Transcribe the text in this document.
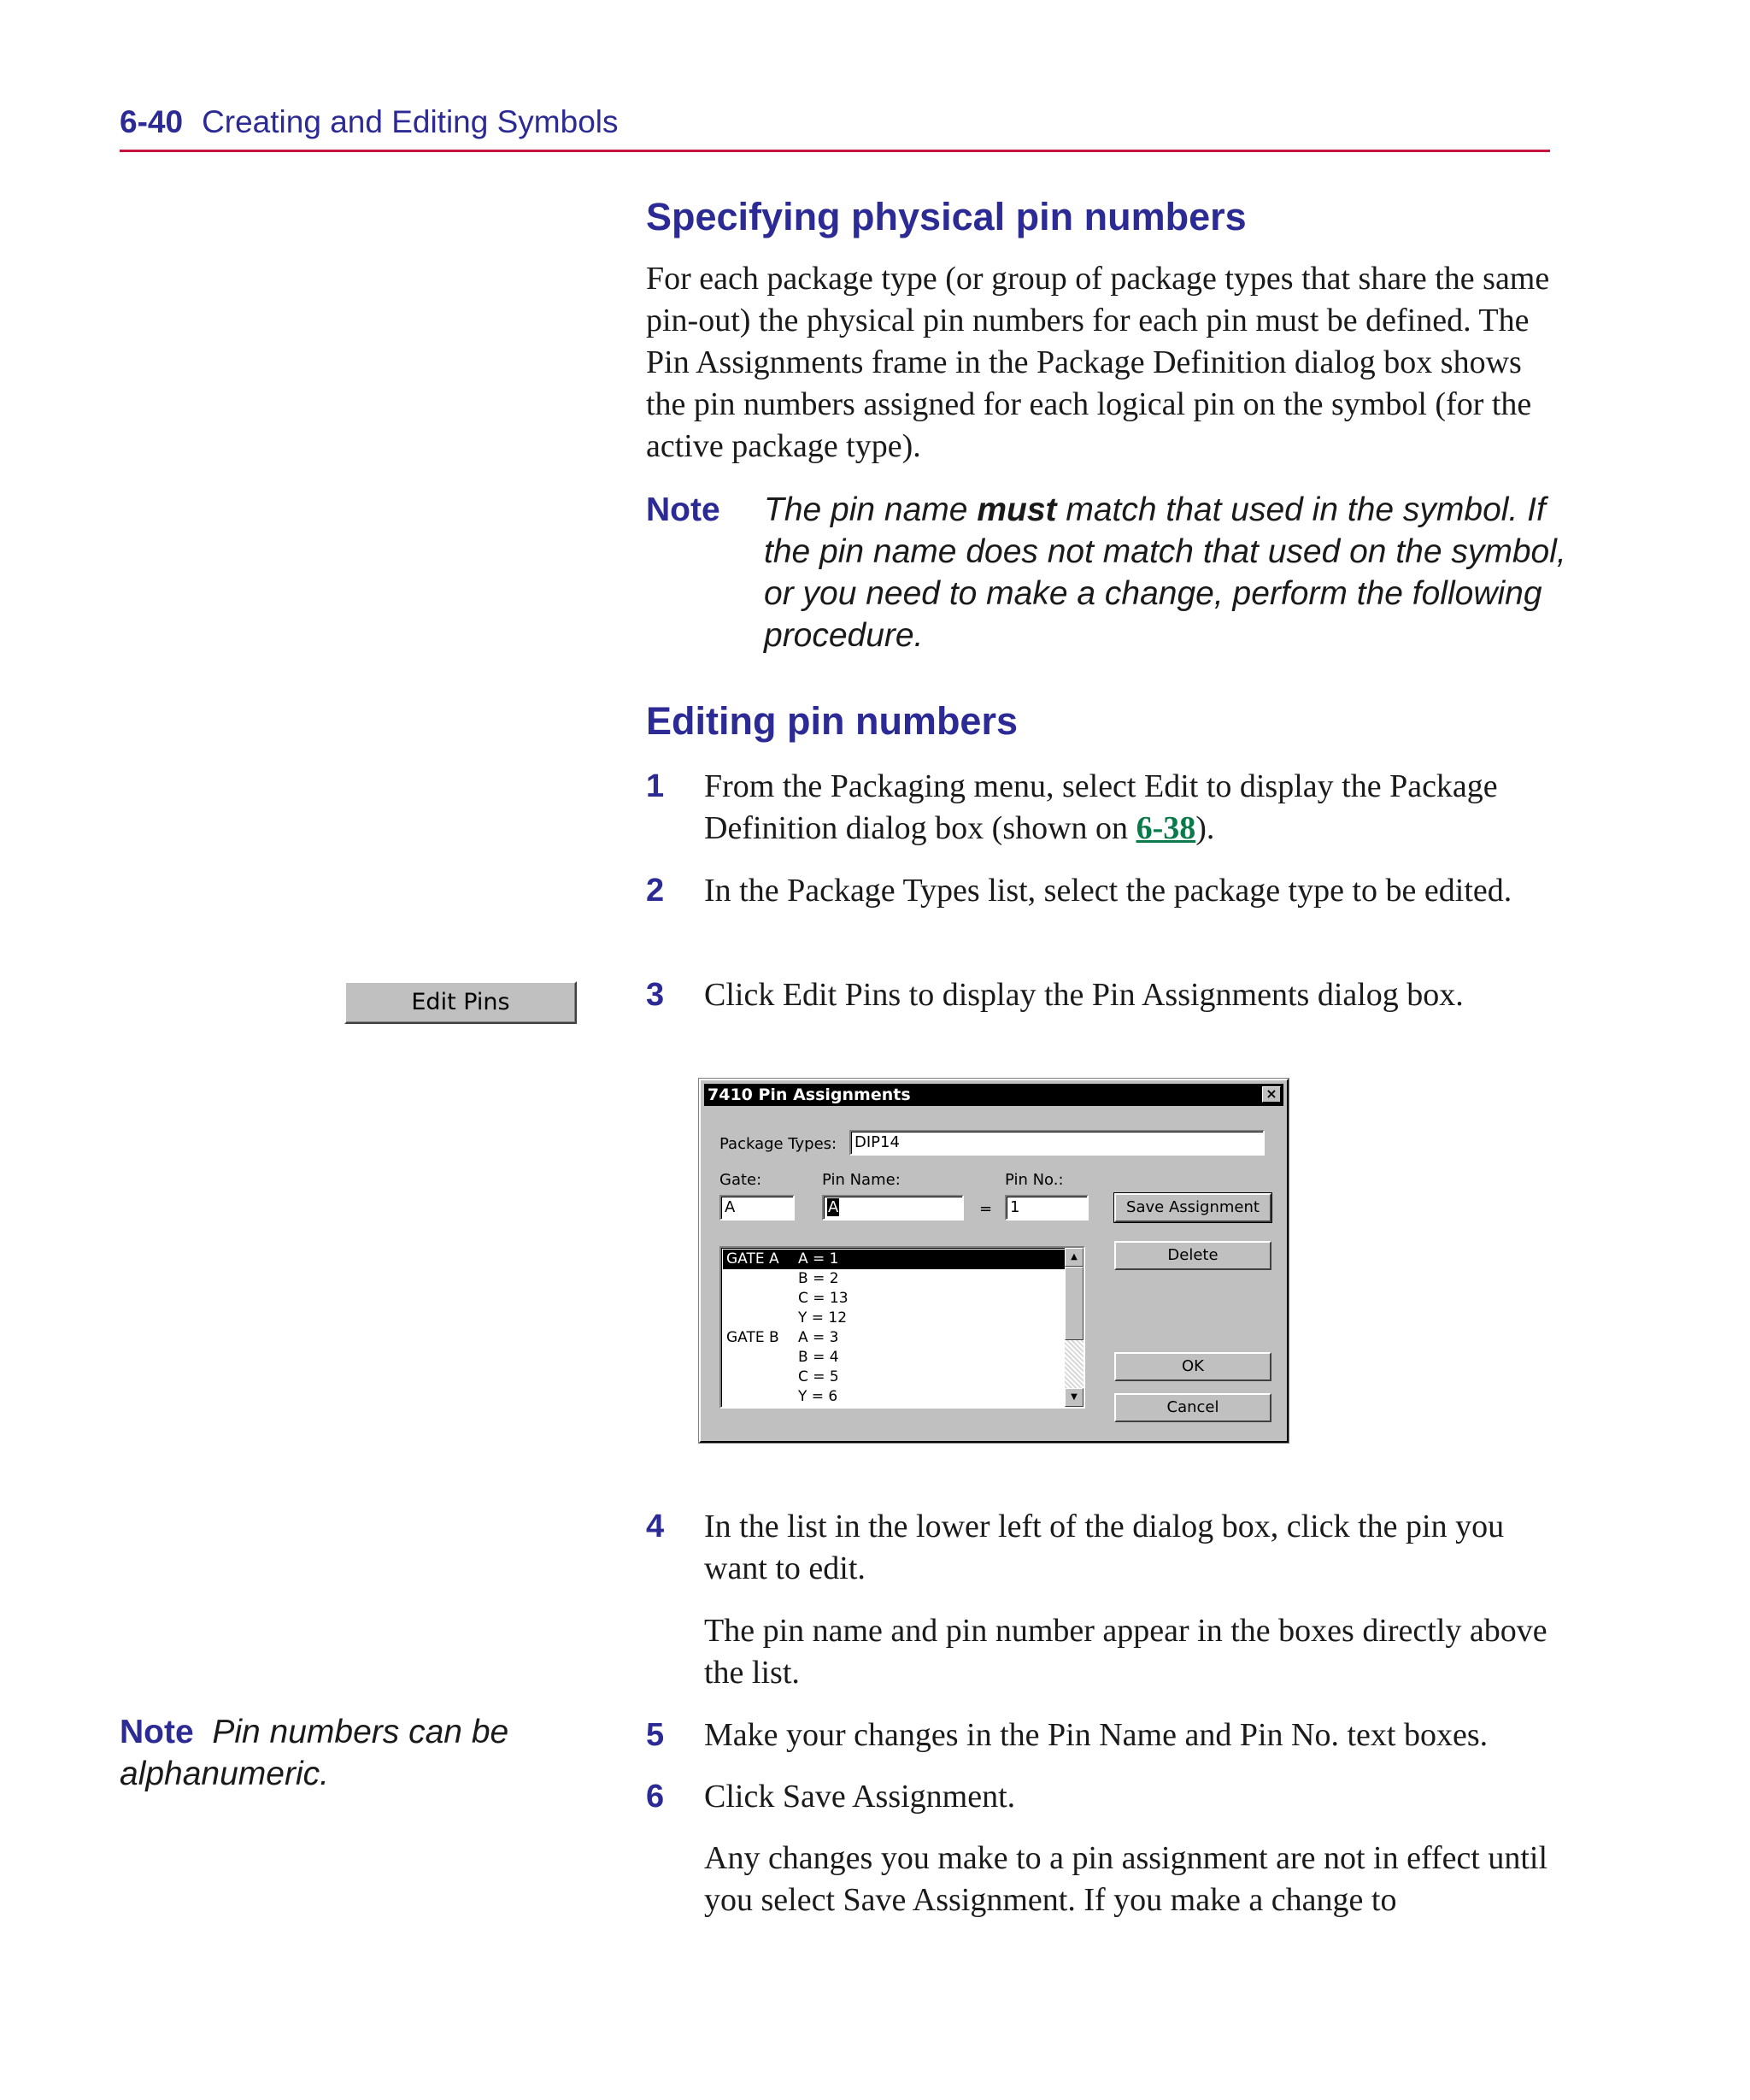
6-40 Creating and Editing Symbols
Specifying physical pin numbers
For each package type (or group of package types that share the same pin-out) the physical pin numbers for each pin must be defined. The Pin Assignments frame in the Package Definition dialog box shows the pin numbers assigned for each logical pin on the symbol (for the active package type).
Note The pin name must match that used in the symbol. If the pin name does not match that used on the symbol, or you need to make a change, perform the following procedure.
Editing pin numbers
1 From the Packaging menu, select Edit to display the Package Definition dialog box (shown on 6-38).
2 In the Package Types list, select the package type to be edited.
3 Click Edit Pins to display the Pin Assignments dialog box.
Edit Pins
7410 Pin Assignments	×
Package Types:	DIP14
Gate:	Pin Name:	Pin No.:
A	A	=	1	Save Assignment
Delete
OK
Cancel
GATE A A = 1
B = 2
C = 13
Y = 12
GATE B A = 3
B = 4
C = 5
Y = 6
▲
▼
4 In the list in the lower left of the dialog box, click the pin you want to edit.
The pin name and pin number appear in the boxes directly above the list.
5 Make your changes in the Pin Name and Pin No. text boxes.
6 Click Save Assignment.
Any changes you make to a pin assignment are not in effect until you select Save Assignment. If you make a change to
Note Pin numbers can be alphanumeric.
